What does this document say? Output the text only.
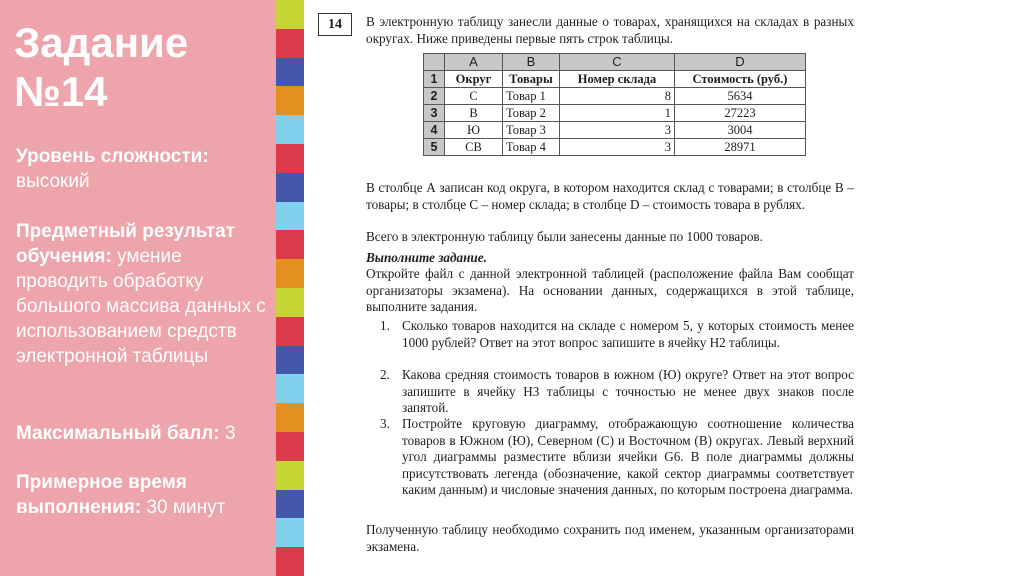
Задание
№14
Уровень сложности:
высокий
Предметный результат обучения: умение проводить обработку большого массива данных с использованием средств электронной таблицы
Максимальный балл: 3
Примерное время выполнения: 30 минут
14	В электронную таблицу занесли данные о товарах, хранящихся на складах в разных округах. Ниже приведены первые пять строк таблицы.
	A	B	C	D
1	Округ	Товары	Номер склада	Стоимость (руб.)
2	С	Товар 1	8	5634
3	В	Товар 2	1	27223
4	Ю	Товар 3	3	3004
5	СВ	Товар 4	3	28971
В столбце А записан код округа, в котором находится склад с товарами; в столбце В – товары; в столбце С – номер склада; в столбце D – стоимость товара в рублях.
Всего в электронную таблицу были занесены данные по 1000 товаров.
Выполните задание.
Откройте файл с данной электронной таблицей (расположение файла Вам сообщат организаторы экзамена). На основании данных, содержащихся в этой таблице, выполните задания.
1. Сколько товаров находится на складе с номером 5, у которых стоимость менее 1000 рублей? Ответ на этот вопрос запишите в ячейку H2 таблицы.
2. Какова средняя стоимость товаров в южном (Ю) округе? Ответ на этот вопрос запишите в ячейку H3 таблицы с точностью не менее двух знаков после запятой.
3. Постройте круговую диаграмму, отображающую соотношение количества товаров в Южном (Ю), Северном (С) и Восточном (В) округах. Левый верхний угол диаграммы разместите вблизи ячейки G6. В поле диаграммы должны присутствовать легенда (обозначение, какой сектор диаграммы соответствует каким данным) и числовые значения данных, по которым построена диаграмма.
Полученную таблицу необходимо сохранить под именем, указанным организаторами экзамена.
